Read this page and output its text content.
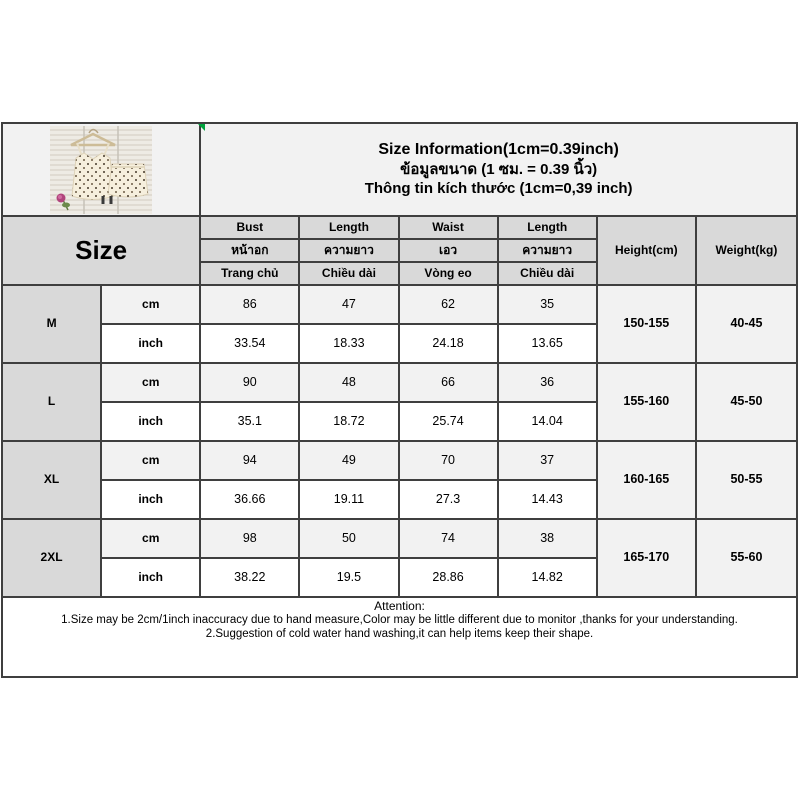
Size Information(1cm=0.39inch)
ข้อมูลขนาด (1 ซม. = 0.39 นิ้ว)
Thông tin kích thước (1cm=0,39 inch)
Size
Bust	Length	Waist	Length
หน้าอก	ความยาว	เอว	ความยาว
Trang chủ	Chiều dài	Vòng eo	Chiều dài
Height(cm)	Weight(kg)
M
cm	86	47	62	35
inch	33.54	18.33	24.18	13.65
150-155	40-45
L
cm	90	48	66	36
inch	35.1	18.72	25.74	14.04
155-160	45-50
XL
cm	94	49	70	37
inch	36.66	19.11	27.3	14.43
160-165	50-55
2XL
cm	98	50	74	38
inch	38.22	19.5	28.86	14.82
165-170	55-60
Attention:
1.Size may be 2cm/1inch inaccuracy due to hand measure,Color may be little different due to monitor ,thanks for your understanding.
2.Suggestion of cold water hand washing,it can help items keep their shape.
